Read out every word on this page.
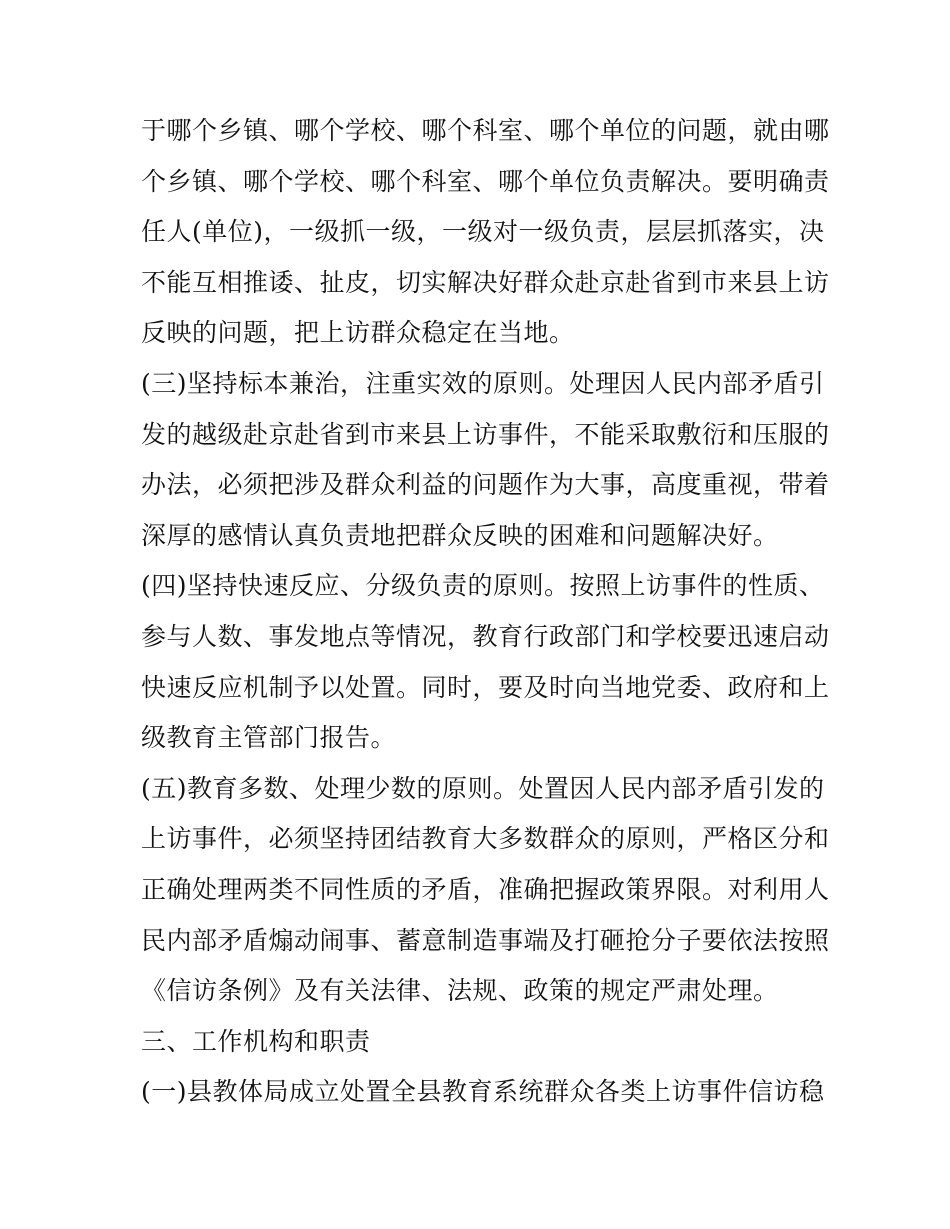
于哪个乡镇、哪个学校、哪个科室、哪个单位的问题，就由哪
个乡镇、哪个学校、哪个科室、哪个单位负责解决。要明确责
任人(单位)，一级抓一级，一级对一级负责，层层抓落实，决
不能互相推诿、扯皮，切实解决好群众赴京赴省到市来县上访
反映的问题，把上访群众稳定在当地。
(三)坚持标本兼治，注重实效的原则。处理因人民内部矛盾引
发的越级赴京赴省到市来县上访事件，不能采取敷衍和压服的
办法，必须把涉及群众利益的问题作为大事，高度重视，带着
深厚的感情认真负责地把群众反映的困难和问题解决好。
(四)坚持快速反应、分级负责的原则。按照上访事件的性质、
参与人数、事发地点等情况，教育行政部门和学校要迅速启动
快速反应机制予以处置。同时，要及时向当地党委、政府和上
级教育主管部门报告。
(五)教育多数、处理少数的原则。处置因人民内部矛盾引发的
上访事件，必须坚持团结教育大多数群众的原则，严格区分和
正确处理两类不同性质的矛盾，准确把握政策界限。对利用人
民内部矛盾煽动闹事、蓄意制造事端及打砸抢分子要依法按照
《信访条例》及有关法律、法规、政策的规定严肃处理。
三、工作机构和职责
(一)县教体局成立处置全县教育系统群众各类上访事件信访稳
